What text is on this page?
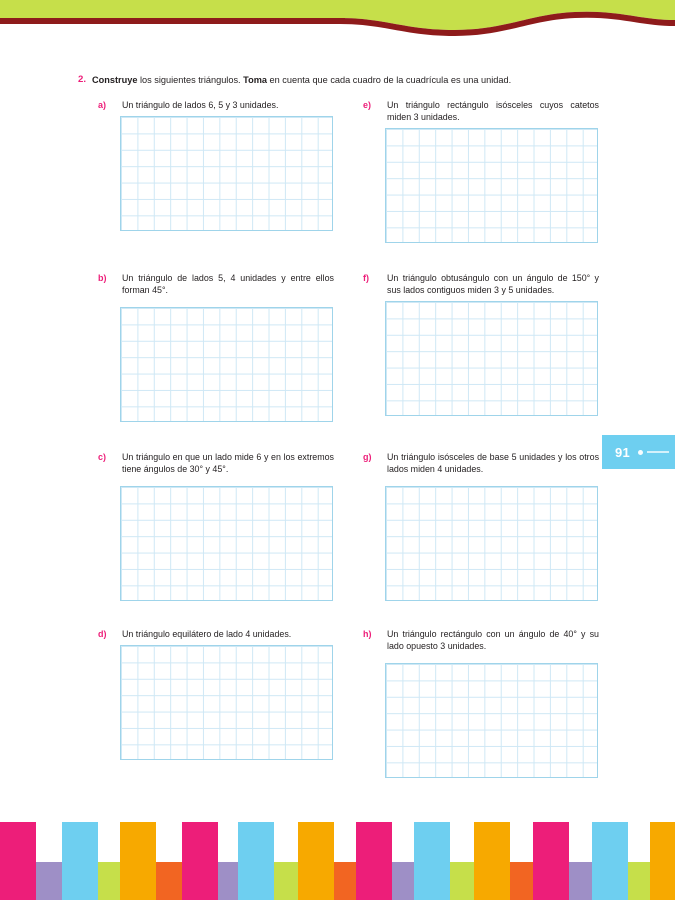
91
2. Construye los siguientes triángulos. Toma en cuenta que cada cuadro de la cuadrícula es una unidad.
a)	Un triángulo de lados 6, 5 y 3 unidades.
b)	Un triángulo de lados 5, 4 unidades y entre ellos forman 45°.
c)	Un triángulo en que un lado mide 6 y en los extremos tiene ángulos de 30° y 45°.
d)	Un triángulo equilátero de lado 4 unidades.
e)	Un triángulo rectángulo isósceles cuyos catetos miden 3 unidades.
f)	Un triángulo obtusángulo con un ángulo de 150° y sus lados contiguos miden 3 y 5 unidades.
g)	Un triángulo isósceles de base 5 unidades y los otros lados miden 4 unidades.
h)	Un triángulo rectángulo con un ángulo de 40° y su lado opuesto 3 unidades.
